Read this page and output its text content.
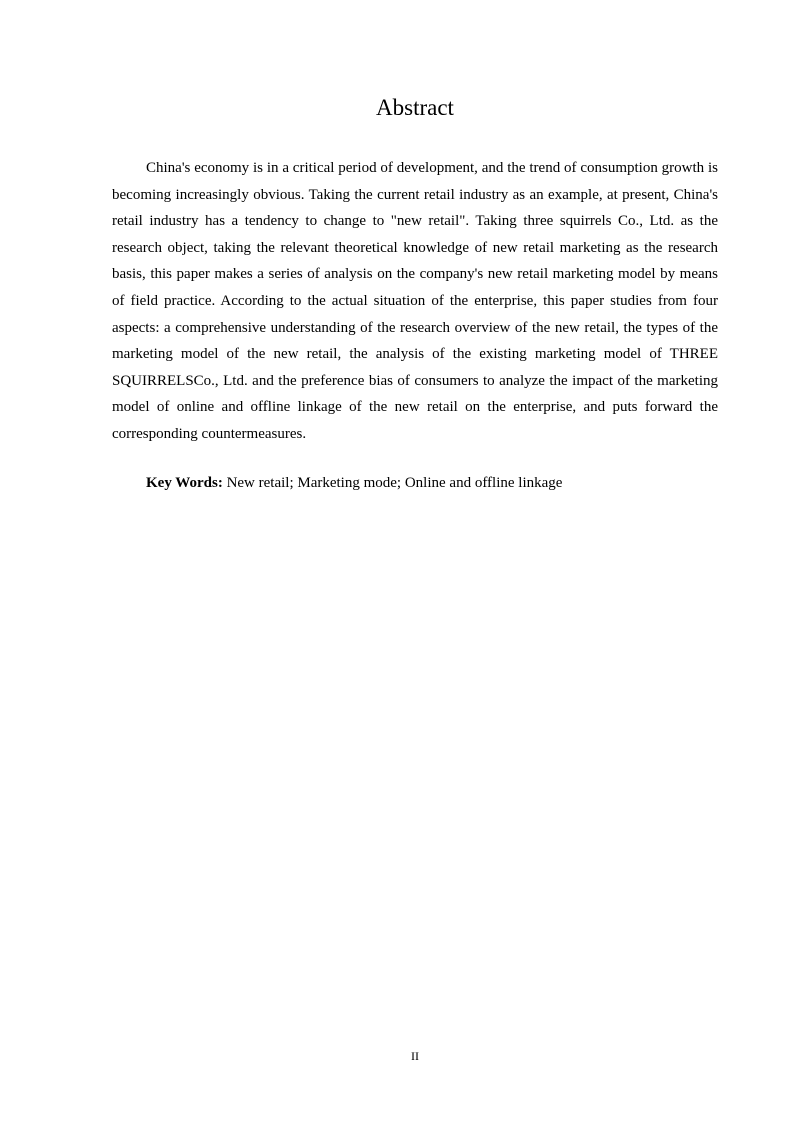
Abstract

China's economy is in a critical period of development, and the trend of consumption growth is becoming increasingly obvious. Taking the current retail industry as an example, at present, China's retail industry has a tendency to change to "new retail". Taking three squirrels Co., Ltd. as the research object, taking the relevant theoretical knowledge of new retail marketing as the research basis, this paper makes a series of analysis on the company's new retail marketing model by means of field practice. According to the actual situation of the enterprise, this paper studies from four aspects: a comprehensive understanding of the research overview of the new retail, the types of the marketing model of the new retail, the analysis of the existing marketing model of THREE SQUIRRELSCo., Ltd. and the preference bias of consumers to analyze the impact of the marketing model of online and offline linkage of the new retail on the enterprise, and puts forward the corresponding countermeasures.

Key Words: New retail; Marketing mode; Online and offline linkage

II
